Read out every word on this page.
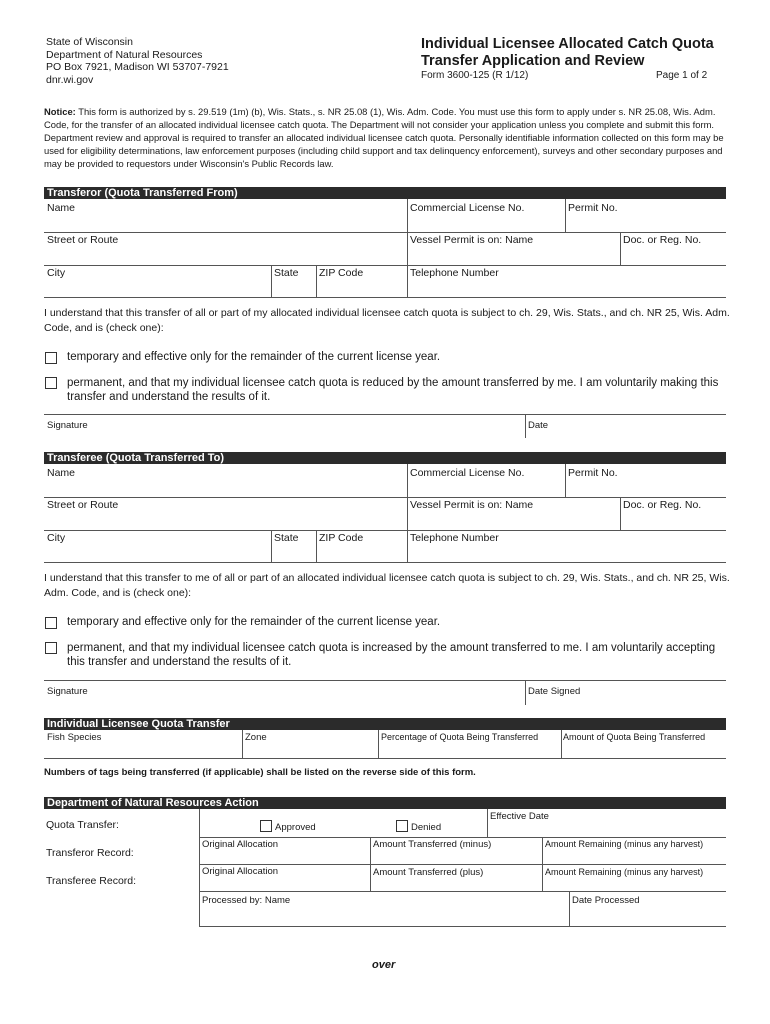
State of Wisconsin
Department of Natural Resources
PO Box 7921, Madison WI 53707-7921
dnr.wi.gov
Individual Licensee Allocated Catch Quota
Transfer Application and Review
Form 3600-125 (R 1/12)	Page 1 of 2
Notice: This form is authorized by s. 29.519 (1m) (b), Wis. Stats., s. NR 25.08 (1), Wis. Adm. Code. You must use this form to apply under s. NR 25.08, Wis. Adm. Code, for the transfer of an allocated individual licensee catch quota. The Department will not consider your application unless you complete and submit this form. Department review and approval is required to transfer an allocated individual licensee catch quota. Personally identifiable information collected on this form may be used for eligibility determinations, law enforcement purposes (including child support and tax delinquency enforcement), surveys and other secondary purposes and may be provided to requestors under Wisconsin's Public Records law.
Transferor (Quota Transferred From)
Name	Commercial License No.	Permit No.
Street or Route	Vessel Permit is on: Name	Doc. or Reg. No.
City	State ZIP Code	Telephone Number
I understand that this transfer of all or part of my allocated individual licensee catch quota is subject to ch. 29, Wis. Stats., and ch. NR 25, Wis. Adm. Code, and is (check one):
temporary and effective only for the remainder of the current license year.
permanent, and that my individual licensee catch quota is reduced by the amount transferred by me. I am voluntarily making this transfer and understand the results of it.
Signature	Date
Transferee (Quota Transferred To)
Name	Commercial License No.	Permit No.
Street or Route	Vessel Permit is on: Name	Doc. or Reg. No.
City	State ZIP Code	Telephone Number
I understand that this transfer to me of all or part of an allocated individual licensee catch quota is subject to ch. 29, Wis. Stats., and ch. NR 25, Wis. Adm. Code, and is (check one):
temporary and effective only for the remainder of the current license year.
permanent, and that my individual licensee catch quota is increased by the amount transferred to me. I am voluntarily accepting this transfer and understand the results of it.
Signature	Date Signed
Individual Licensee Quota Transfer
Fish Species	Zone	Percentage of Quota Being Transferred	Amount of Quota Being Transferred
Numbers of tags being transferred (if applicable) shall be listed on the reverse side of this form.
Department of Natural Resources Action
Quota Transfer:	Approved	Denied
Effective Date
Transferor Record:
Original Allocation	Amount Transferred (minus)	Amount Remaining (minus any harvest)
Transferee Record:
Original Allocation	Amount Transferred (plus)	Amount Remaining (minus any harvest)
Processed by: Name	Date Processed
over
